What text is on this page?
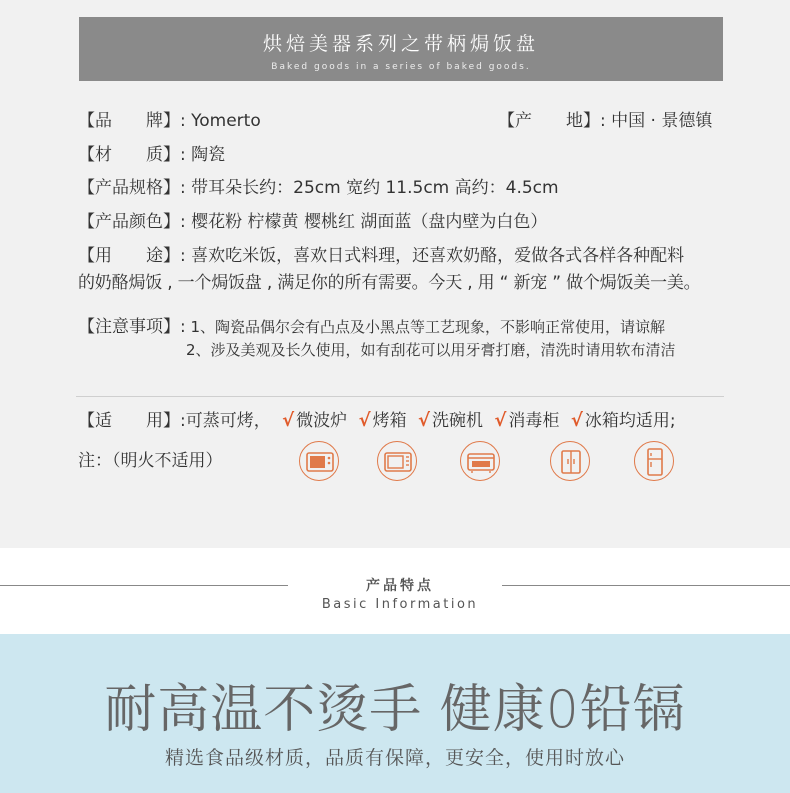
烘焙美器系列之带柄焗饭盘
Baked goods in a series of baked goods.
【品　　牌】: Yomerto	【产　　地】: 中国 · 景德镇
【材　　质】: 陶瓷
【产品规格】: 带耳朵长约：25cm 宽约 11.5cm 高约：4.5cm
【产品颜色】: 樱花粉 柠檬黄 樱桃红 湖面蓝（盘内壁为白色）
【用　　途】: 喜欢吃米饭，喜欢日式料理，还喜欢奶酪，爱做各式各样各种配料
的奶酪焗饭 , 一个焗饭盘 , 满足你的所有需要。今天 , 用 “ 新宠 ” 做个焗饭美一美。
【注意事项】: 1、陶瓷品偶尔会有凸点及小黑点等工艺现象，不影响正常使用，请谅解
2、涉及美观及长久使用，如有刮花可以用牙膏打磨，清洗时请用软布清洁
【适　　用】:可蒸可烤， √ 微波炉 √ 烤箱 √ 洗碗机 √ 消毒柜 √ 冰箱均适用;
注：（明火不适用）
产品特点
Basic Information
耐高温不烫手 健康0铅镉
精选食品级材质，品质有保障，更安全，使用时放心
